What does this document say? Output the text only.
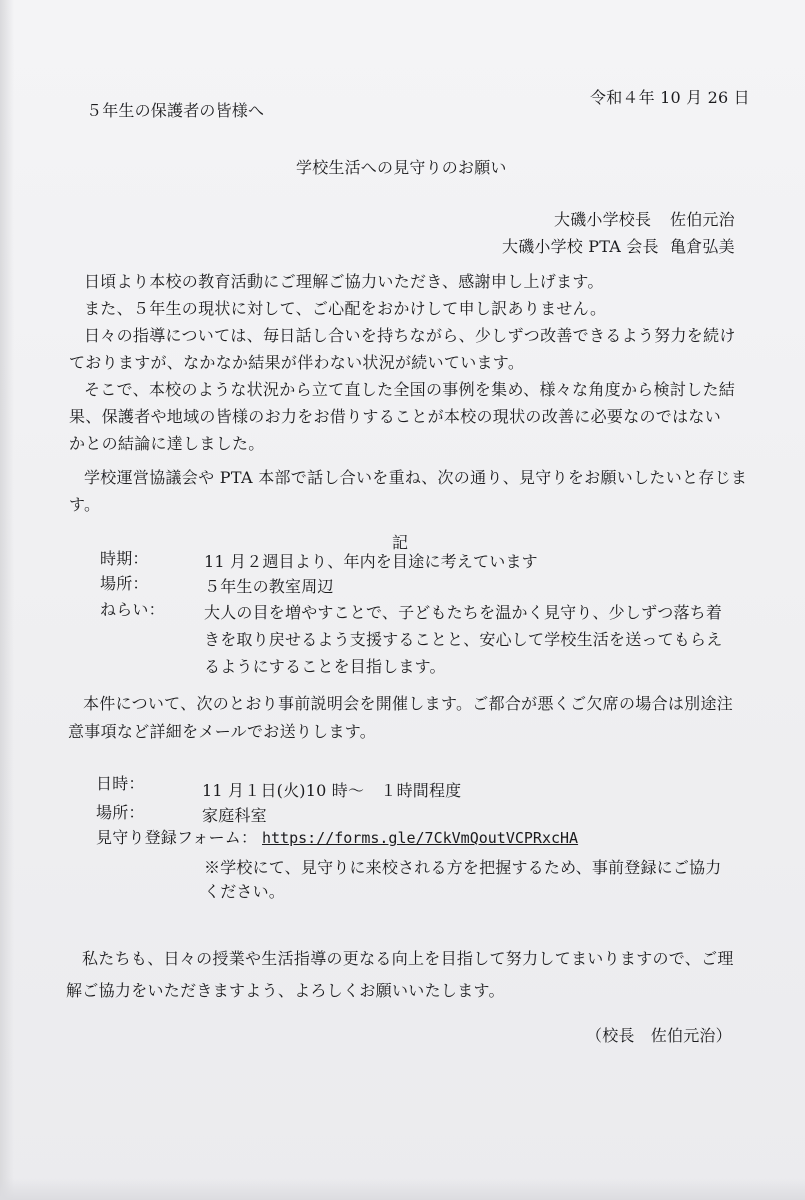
５年生の保護者の皆様へ
令和４年 10 月 26 日
学校生活への見守りのお願い
大磯小学校長 佐伯元治
大磯小学校 PTA 会長 亀倉弘美
日頃より本校の教育活動にご理解ご協力いただき、感謝申し上げます。
また、５年生の現状に対して、ご心配をおかけして申し訳ありません。
日々の指導については、毎日話し合いを持ちながら、少しずつ改善できるよう努力を続け
ておりますが、なかなか結果が伴わない状況が続いています。
そこで、本校のような状況から立て直した全国の事例を集め、様々な角度から検討した結
果、保護者や地域の皆様のお力をお借りすることが本校の現状の改善に必要なのではない
かとの結論に達しました。
学校運営協議会や PTA 本部で話し合いを重ね、次の通り、見守りをお願いしたいと存じま
す。
記
時期：	11 月２週目より、年内を目途に考えています
場所：	５年生の教室周辺
ねらい： 大人の目を増やすことで、子どもたちを温かく見守り、少しずつ落ち着
きを取り戻せるよう支援することと、安心して学校生活を送ってもらえ
るようにすることを目指します。
本件について、次のとおり事前説明会を開催します。ご都合が悪くご欠席の場合は別途注
意事項など詳細をメールでお送りします。
日時：	11 月１日(火)10 時～　１時間程度
場所：	家庭科室
見守り登録フォーム： https://forms.gle/7CkVmQoutVCPRxcHA
※学校にて、見守りに来校される方を把握するため、事前登録にご協力
ください。
私たちも、日々の授業や生活指導の更なる向上を目指して努力してまいりますので、ご理
解ご協力をいただきますよう、よろしくお願いいたします。
（校長　佐伯元治）
